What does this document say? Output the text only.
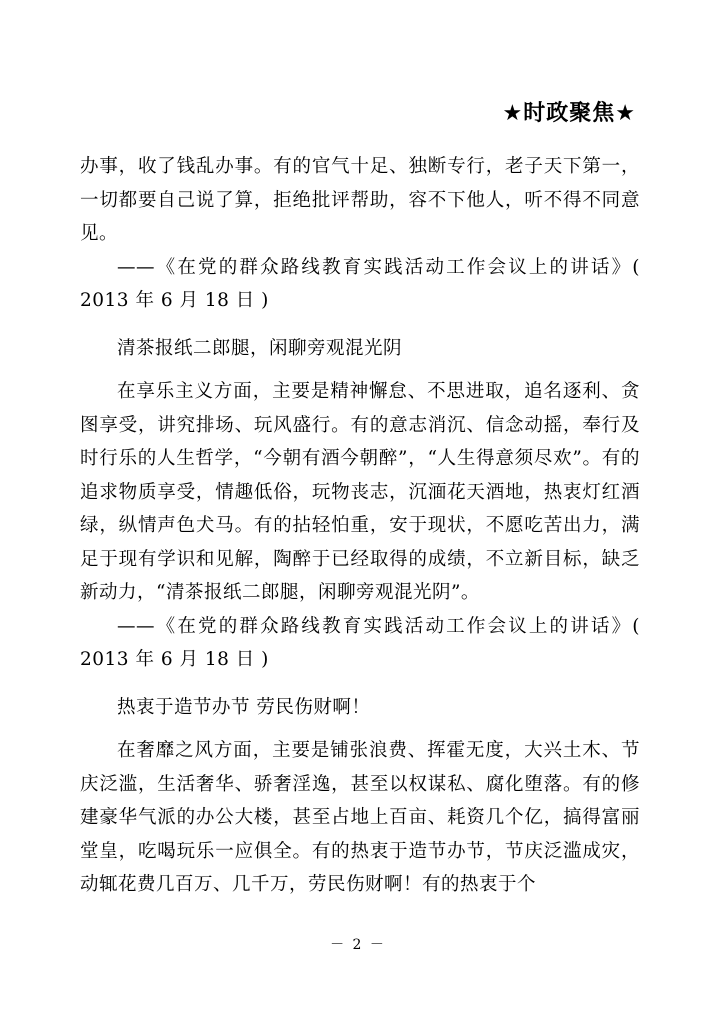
★时政聚焦★

办事，收了钱乱办事。有的官气十足、独断专行，老子天下第一，一切都要自己说了算，拒绝批评帮助，容不下他人，听不得不同意见。

——《在党的群众路线教育实践活动工作会议上的讲话》( 2013 年 6 月 18 日 )

清茶报纸二郎腿，闲聊旁观混光阴

在享乐主义方面，主要是精神懈怠、不思进取，追名逐利、贪图享受，讲究排场、玩风盛行。有的意志消沉、信念动摇，奉行及时行乐的人生哲学，“今朝有酒今朝醉”，“人生得意须尽欢”。有的追求物质享受，情趣低俗，玩物丧志，沉湎花天酒地，热衷灯红酒绿，纵情声色犬马。有的拈轻怕重，安于现状，不愿吃苦出力，满足于现有学识和见解，陶醉于已经取得的成绩，不立新目标，缺乏新动力，“清茶报纸二郎腿，闲聊旁观混光阴”。

——《在党的群众路线教育实践活动工作会议上的讲话》( 2013 年 6 月 18 日 )

热衷于造节办节 劳民伤财啊！

在奢靡之风方面，主要是铺张浪费、挥霍无度，大兴土木、节庆泛滥，生活奢华、骄奢淫逸，甚至以权谋私、腐化堕落。有的修建豪华气派的办公大楼，甚至占地上百亩、耗资几个亿，搞得富丽堂皇，吃喝玩乐一应俱全。有的热衷于造节办节，节庆泛滥成灾，动辄花费几百万、几千万，劳民伤财啊！有的热衷于个

－ 2 －
